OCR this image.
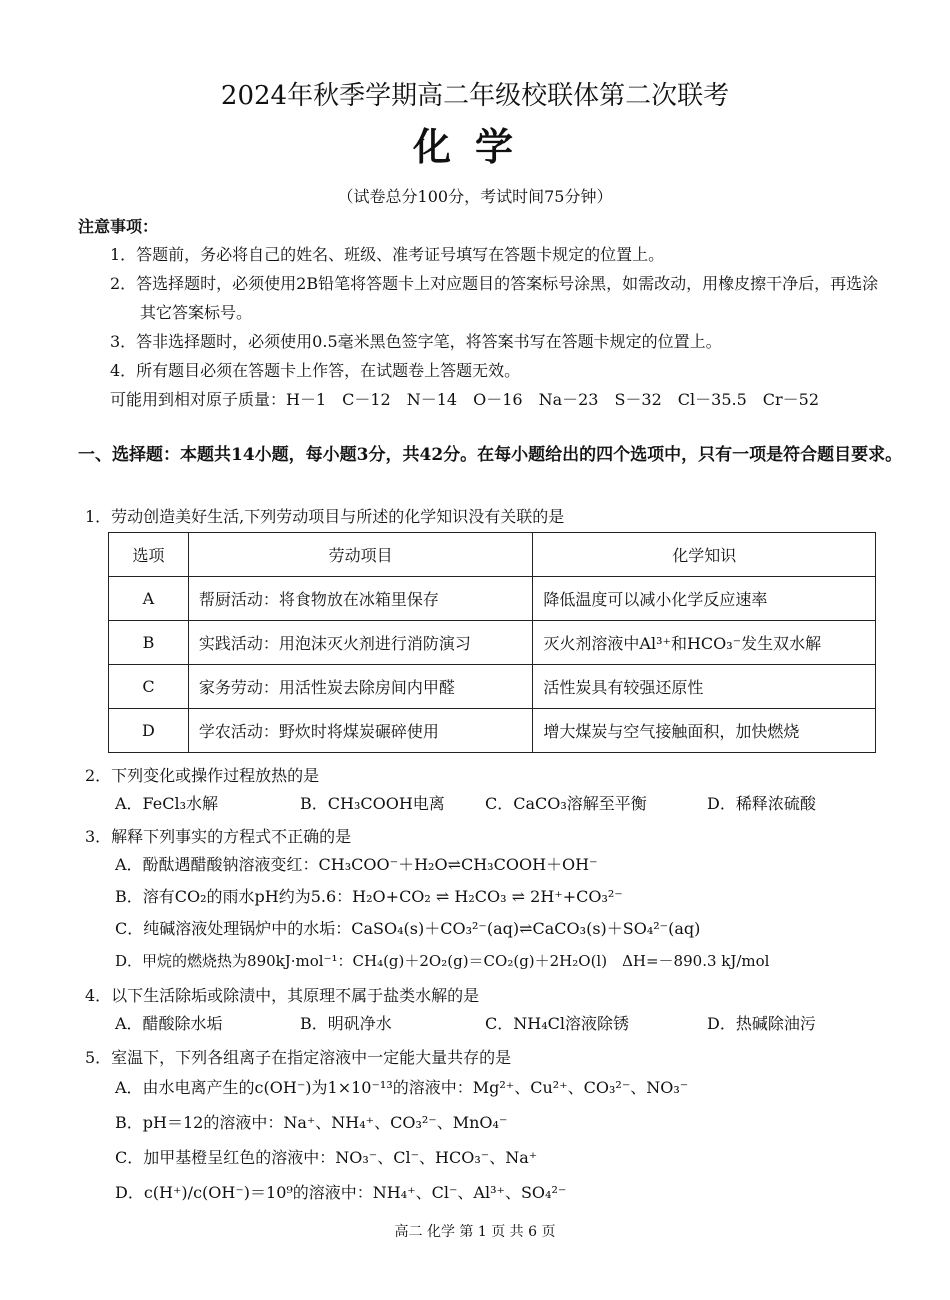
2024年秋季学期高二年级校联体第二次联考
化学
（试卷总分100分，考试时间75分钟）
注意事项：
1．答题前，务必将自己的姓名、班级、准考证号填写在答题卡规定的位置上。
2．答选择题时，必须使用2B铅笔将答题卡上对应题目的答案标号涂黑，如需改动，用橡皮擦干净后，再选涂其它答案标号。
3．答非选择题时，必须使用0.5毫米黑色签字笔，将答案书写在答题卡规定的位置上。
4．所有题目必须在答题卡上作答，在试题卷上答题无效。
可能用到相对原子质量：H－1　C－12　N－14　O－16　Na－23　S－32　Cl－35.5　Cr－52
一、选择题：本题共14小题，每小题3分，共42分。在每小题给出的四个选项中，只有一项是符合题目要求。
1．劳动创造美好生活,下列劳动项目与所述的化学知识没有关联的是
选项	劳动项目	化学知识
A	帮厨活动：将食物放在冰箱里保存	降低温度可以减小化学反应速率
B	实践活动：用泡沫灭火剂进行消防演习	灭火剂溶液中Al³⁺和HCO₃⁻发生双水解
C	家务劳动：用活性炭去除房间内甲醛	活性炭具有较强还原性
D	学农活动：野炊时将煤炭碾碎使用	增大煤炭与空气接触面积，加快燃烧
2．下列变化或操作过程放热的是
A．FeCl₃水解	B．CH₃COOH电离	C．CaCO₃溶解至平衡	D．稀释浓硫酸
3．解释下列事实的方程式不正确的是
A．酚酞遇醋酸钠溶液变红：CH₃COO⁻＋H₂O⇌CH₃COOH＋OH⁻
B．溶有CO₂的雨水pH约为5.6：H₂O+CO₂ ⇌ H₂CO₃ ⇌ 2H⁺+CO₃²⁻
C．纯碱溶液处理锅炉中的水垢：CaSO₄(s)＋CO₃²⁻(aq)⇌CaCO₃(s)＋SO₄²⁻(aq)
D．甲烷的燃烧热为890kJ·mol⁻¹：CH₄(g)＋2O₂(g)＝CO₂(g)＋2H₂O(l)　ΔH=－890.3 kJ/mol
4．以下生活除垢或除渍中，其原理不属于盐类水解的是
A．醋酸除水垢	B．明矾净水	C．NH₄Cl溶液除锈	D．热碱除油污
5．室温下，下列各组离子在指定溶液中一定能大量共存的是
A．由水电离产生的c(OH⁻)为1×10⁻¹³的溶液中：Mg²⁺、Cu²⁺、CO₃²⁻、NO₃⁻
B．pH＝12的溶液中：Na⁺、NH₄⁺、CO₃²⁻、MnO₄⁻
C．加甲基橙呈红色的溶液中：NO₃⁻、Cl⁻、HCO₃⁻、Na⁺
D．c(H⁺)/c(OH⁻)＝10⁹的溶液中：NH₄⁺、Cl⁻、Al³⁺、SO₄²⁻
高二 化学 第 1 页 共 6 页
